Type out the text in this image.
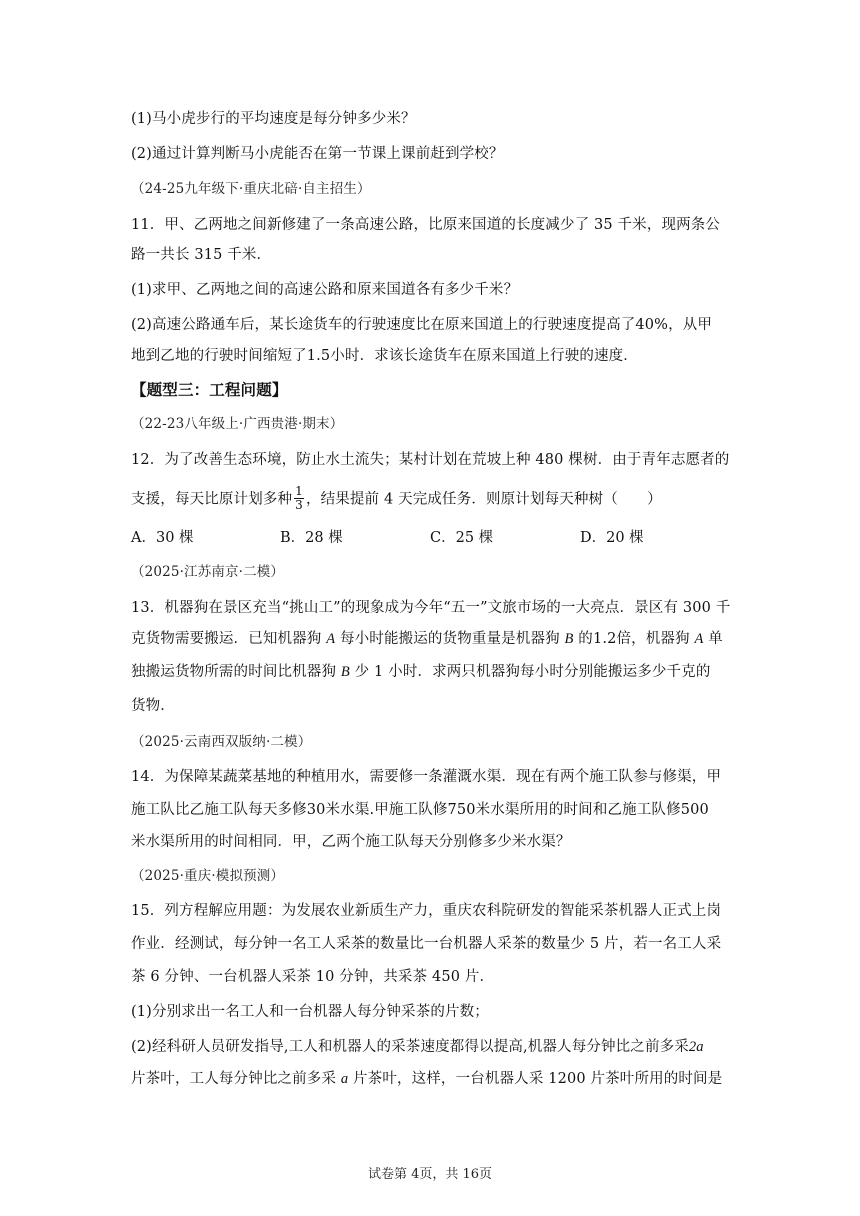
(1)马小虎步行的平均速度是每分钟多少米？
(2)通过计算判断马小虎能否在第一节课上课前赶到学校？
（24-25九年级下·重庆北碚·自主招生）
11．甲、乙两地之间新修建了一条高速公路，比原来国道的长度减少了 35 千米，现两条公
路一共长 315 千米．
(1)求甲、乙两地之间的高速公路和原来国道各有多少千米？
(2)高速公路通车后，某长途货车的行驶速度比在原来国道上的行驶速度提高了40%，从甲
地到乙地的行驶时间缩短了1.5小时．求该长途货车在原来国道上行驶的速度．
【题型三：工程问题】
（22-23八年级上·广西贵港·期末）
12．为了改善生态环境，防止水土流失；某村计划在荒坡上种 480 棵树．由于青年志愿者的
支援，每天比原计划多种 $\frac{1}{3}$ ，结果提前 4 天完成任务．则原计划每天种树（　　）
A．30 棵	B．28 棵	C．25 棵	D．20 棵
（2025·江苏南京·二模）
13．机器狗在景区充当“挑山工”的现象成为今年“五一”文旅市场的一大亮点．景区有 300 千
克货物需要搬运．已知机器狗 A 每小时能搬运的货物重量是机器狗 B 的1.2倍，机器狗 A 单
独搬运货物所需的时间比机器狗 B 少 1 小时．求两只机器狗每小时分别能搬运多少千克的
货物．
（2025·云南西双版纳·二模）
14．为保障某蔬菜基地的种植用水，需要修一条灌溉水渠．现在有两个施工队参与修渠，甲
施工队比乙施工队每天多修30米水渠.甲施工队修750米水渠所用的时间和乙施工队修500
米水渠所用的时间相同．甲，乙两个施工队每天分别修多少米水渠？
（2025·重庆·模拟预测）
15．列方程解应用题：为发展农业新质生产力，重庆农科院研发的智能采茶机器人正式上岗
作业．经测试，每分钟一名工人采茶的数量比一台机器人采茶的数量少 5 片，若一名工人采
茶 6 分钟、一台机器人采茶 10 分钟，共采茶 450 片．
(1)分别求出一名工人和一台机器人每分钟采茶的片数；
(2)经科研人员研发指导,工人和机器人的采茶速度都得以提高,机器人每分钟比之前多采2a
片茶叶，工人每分钟比之前多采 a 片茶叶，这样，一台机器人采 1200 片茶叶所用的时间是
试卷第 4页，共 16页
